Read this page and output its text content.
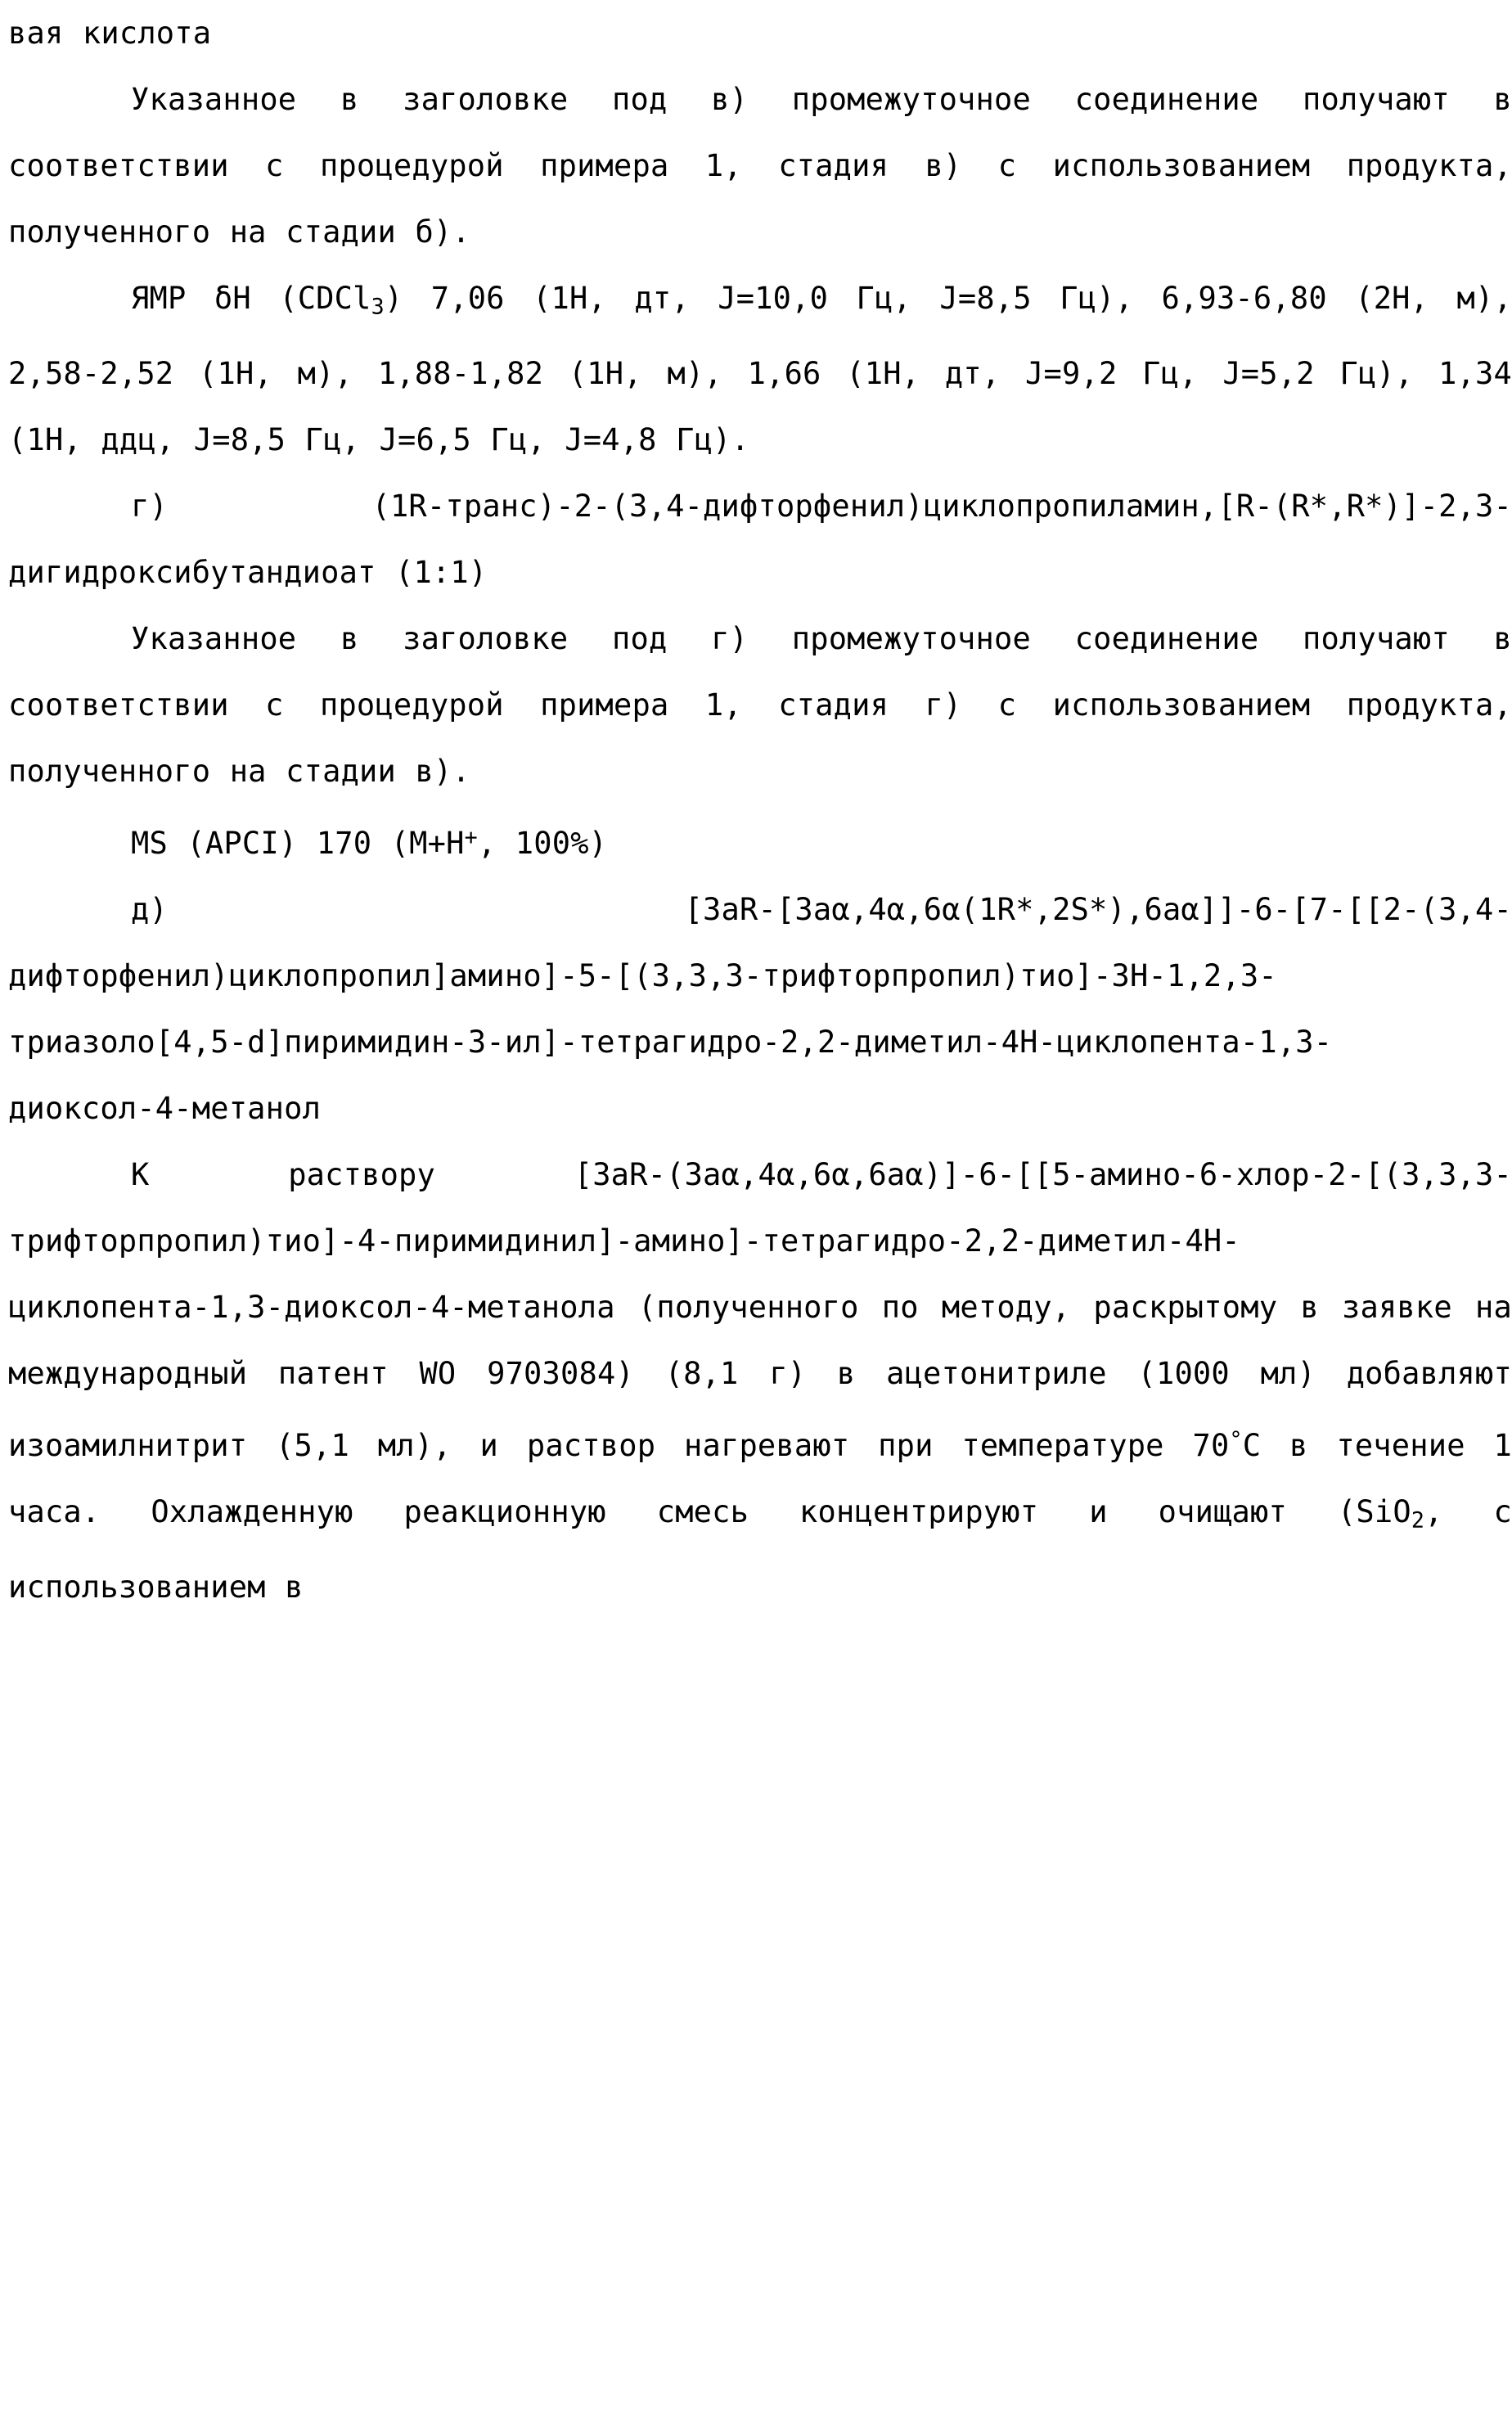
вая кислота

Указанное в заголовке под в) промежуточное соединение получают в соответствии с процедурой примера 1, стадия в) с использованием продукта, полученного на стадии б).

ЯМР δН (CDCl$_3$) 7,06 (1Н, дт, J=10,0 Гц, J=8,5 Гц), 6,93-6,80 (2Н, м), 2,58-2,52 (1Н, м), 1,88-1,82 (1Н, м), 1,66 (1Н, дт, J=9,2 Гц, J=5,2 Гц), 1,34 (1Н, ддц, J=8,5 Гц, J=6,5 Гц, J=4,8 Гц).

г)    (1R-транс)-2-(3,4-дифторфенил)циклопропиламин,[R-(R*,R*)]-2,3-дигидроксибутандиоат (1:1)

Указанное в заголовке под г) промежуточное соединение получают в соответствии с процедурой примера 1, стадия г) с использованием продукта, полученного на стадии в).

MS (APCI) 170 (М+Н+, 100%)

д)    [3aR-[3aα,4α,6α(1R*,2S*),6aα]]-6-[7-[[2-(3,4-дифторфенил)циклопропил]амино]-5-[(3,3,3-трифторпропил)тио]-3Н-1,2,3-триазоло[4,5-d]пиримидин-3-ил]-тетрагидро-2,2-диметил-4Н-циклопента-1,3-диоксол-4-метанол

К раствору [3aR-(3aα,4α,6α,6aα)]-6-[[5-амино-6-хлор-2-[(3,3,3-трифторпропил)тио]-4-пиримидинил]-амино]-тетрагидро-2,2-диметил-4Н-циклопента-1,3-диоксол-4-метанола (полученного по методу, раскрытому в заявке на международный патент WO 9703084) (8,1 г) в ацетонитриле (1000 мл) добавляют изоамилнитрит (5,1 мл), и раствор нагревают при температуре 70°С в течение 1 часа. Охлажденную реакционную смесь концентрируют и очищают (SiO$_2$, с использованием в
